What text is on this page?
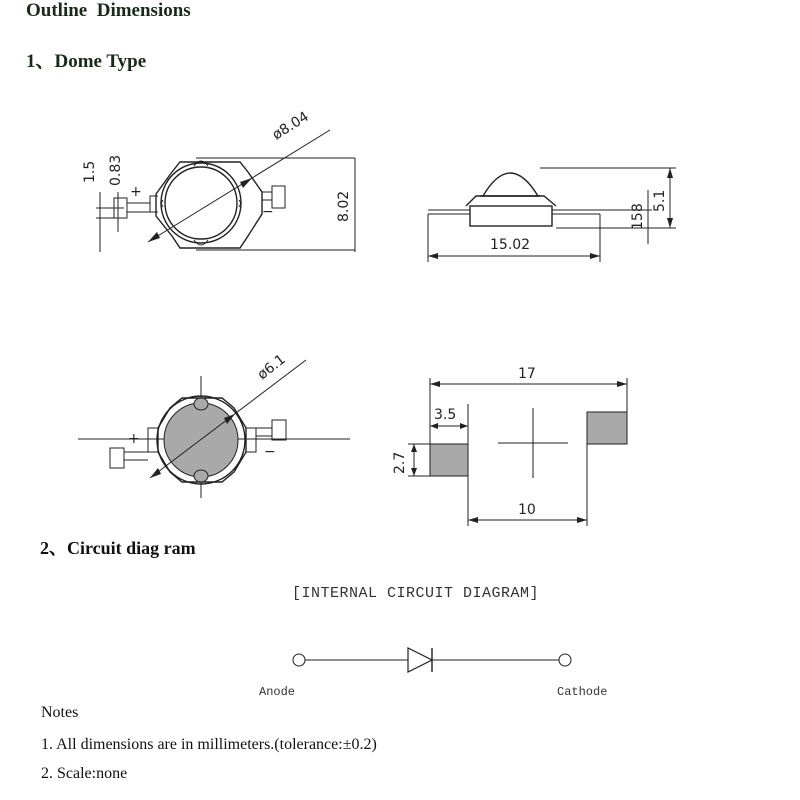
Outline  Dimensions
1、Dome Type
+
−
ø8.04
1.5 0.83
8.02
15.02
158
5.1
+
−
ø6.1	17
3.5
2.7
10
2、Circuit diag ram
[INTERNAL CIRCUIT DIAGRAM]
Anode	Cathode
Notes
1. All dimensions are in millimeters.(tolerance:±0.2)
2. Scale:none
